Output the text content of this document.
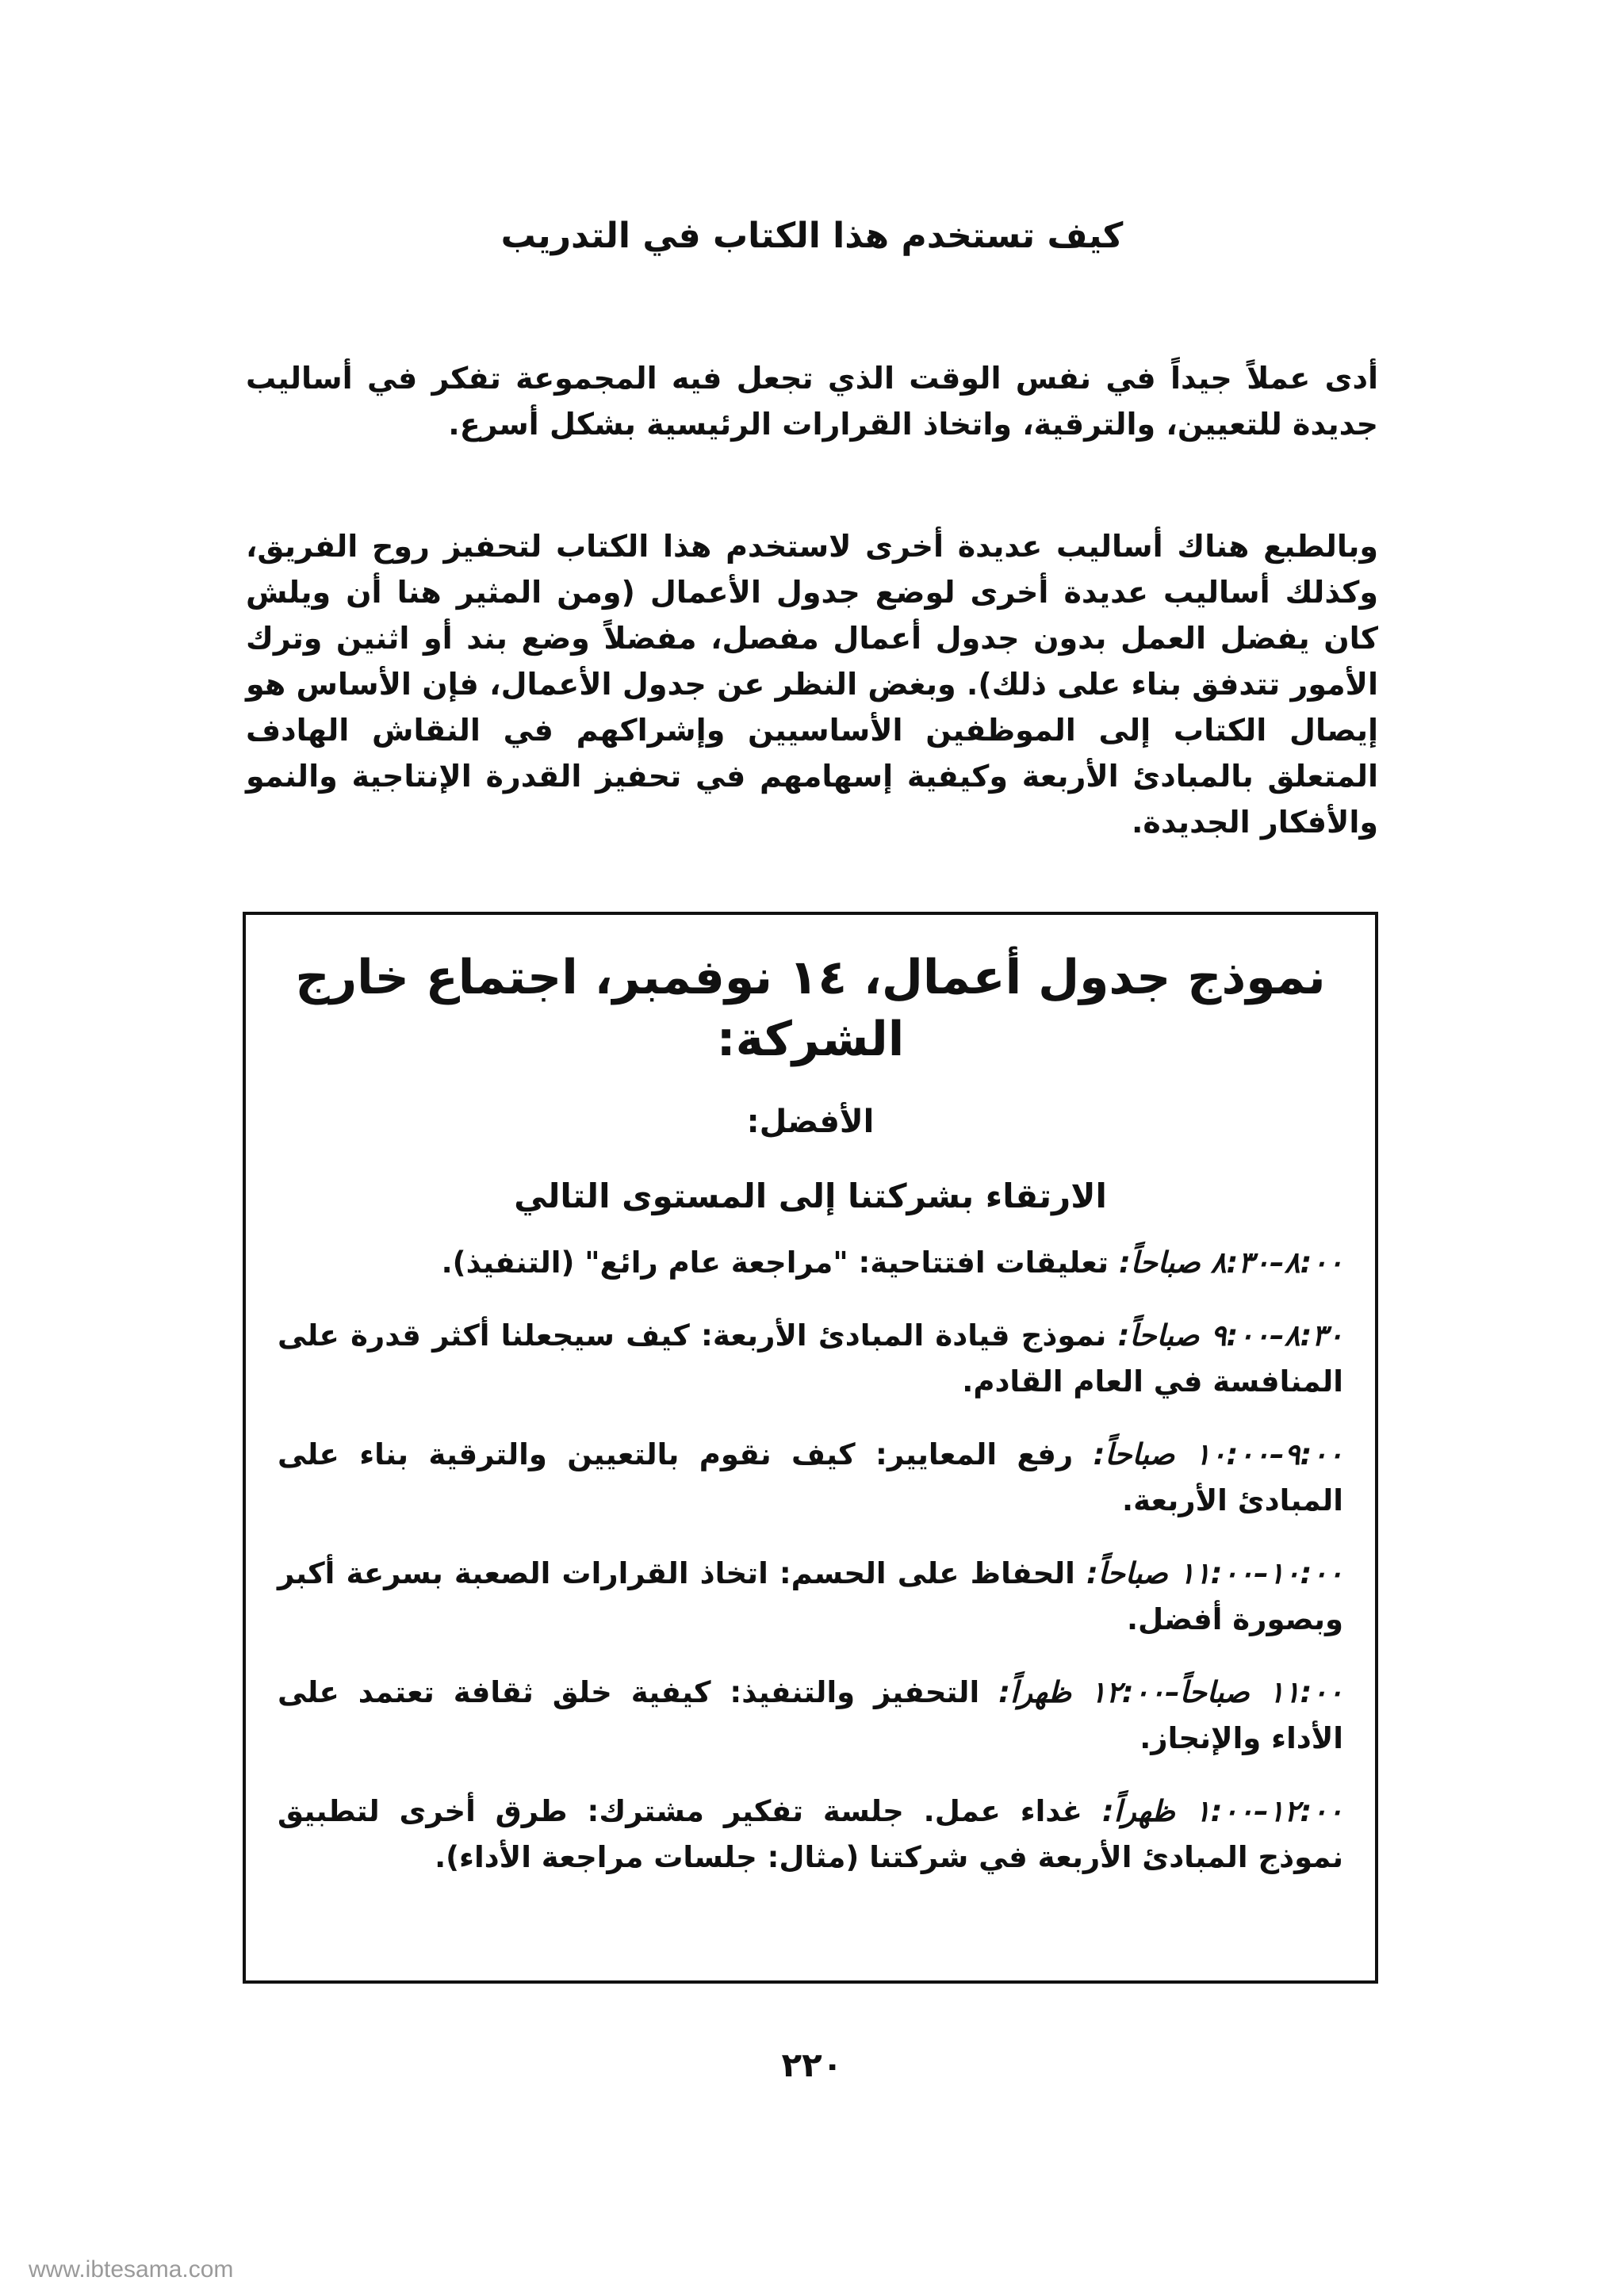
كيف تستخدم هذا الكتاب في التدريب

أدى عملاً جيداً في نفس الوقت الذي تجعل فيه المجموعة تفكر في أساليب جديدة للتعيين، والترقية، واتخاذ القرارات الرئيسية بشكل أسرع.

وبالطبع هناك أساليب عديدة أخرى لاستخدم هذا الكتاب لتحفيز روح الفريق، وكذلك أساليب عديدة أخرى لوضع جدول الأعمال (ومن المثير هنا أن ويلش كان يفضل العمل بدون جدول أعمال مفصل، مفضلاً وضع بند أو اثنين وترك الأمور تتدفق بناء على ذلك). وبغض النظر عن جدول الأعمال، فإن الأساس هو إيصال الكتاب إلى الموظفين الأساسيين وإشراكهم في النقاش الهادف المتعلق بالمبادئ الأربعة وكيفية إسهامهم في تحفيز القدرة الإنتاجية والنمو والأفكار الجديدة.

نموذج جدول أعمال، ١٤ نوفمبر، اجتماع خارج الشركة:
الأفضل:
الارتقاء بشركتنا إلى المستوى التالي
٨:٠٠–٨:٣٠ صباحاً: تعليقات افتتاحية: "مراجعة عام رائع" (التنفيذ).
٨:٣٠–٩:٠٠ صباحاً: نموذج قيادة المبادئ الأربعة: كيف سيجعلنا أكثر قدرة على المنافسة في العام القادم.
٩:٠٠–١٠:٠٠ صباحاً: رفع المعايير: كيف نقوم بالتعيين والترقية بناء على المبادئ الأربعة.
١٠:٠٠–١١:٠٠ صباحاً: الحفاظ على الحسم: اتخاذ القرارات الصعبة بسرعة أكبر وبصورة أفضل.
١١:٠٠ صباحاً–١٢:٠٠ ظهراً: التحفيز والتنفيذ: كيفية خلق ثقافة تعتمد على الأداء والإنجاز.
١٢:٠٠–١:٠٠ ظهراً: غداء عمل. جلسة تفكير مشترك: طرق أخرى لتطبيق نموذج المبادئ الأربعة في شركتنا (مثال: جلسات مراجعة الأداء).
٢٢٠
www.ibtesama.com
